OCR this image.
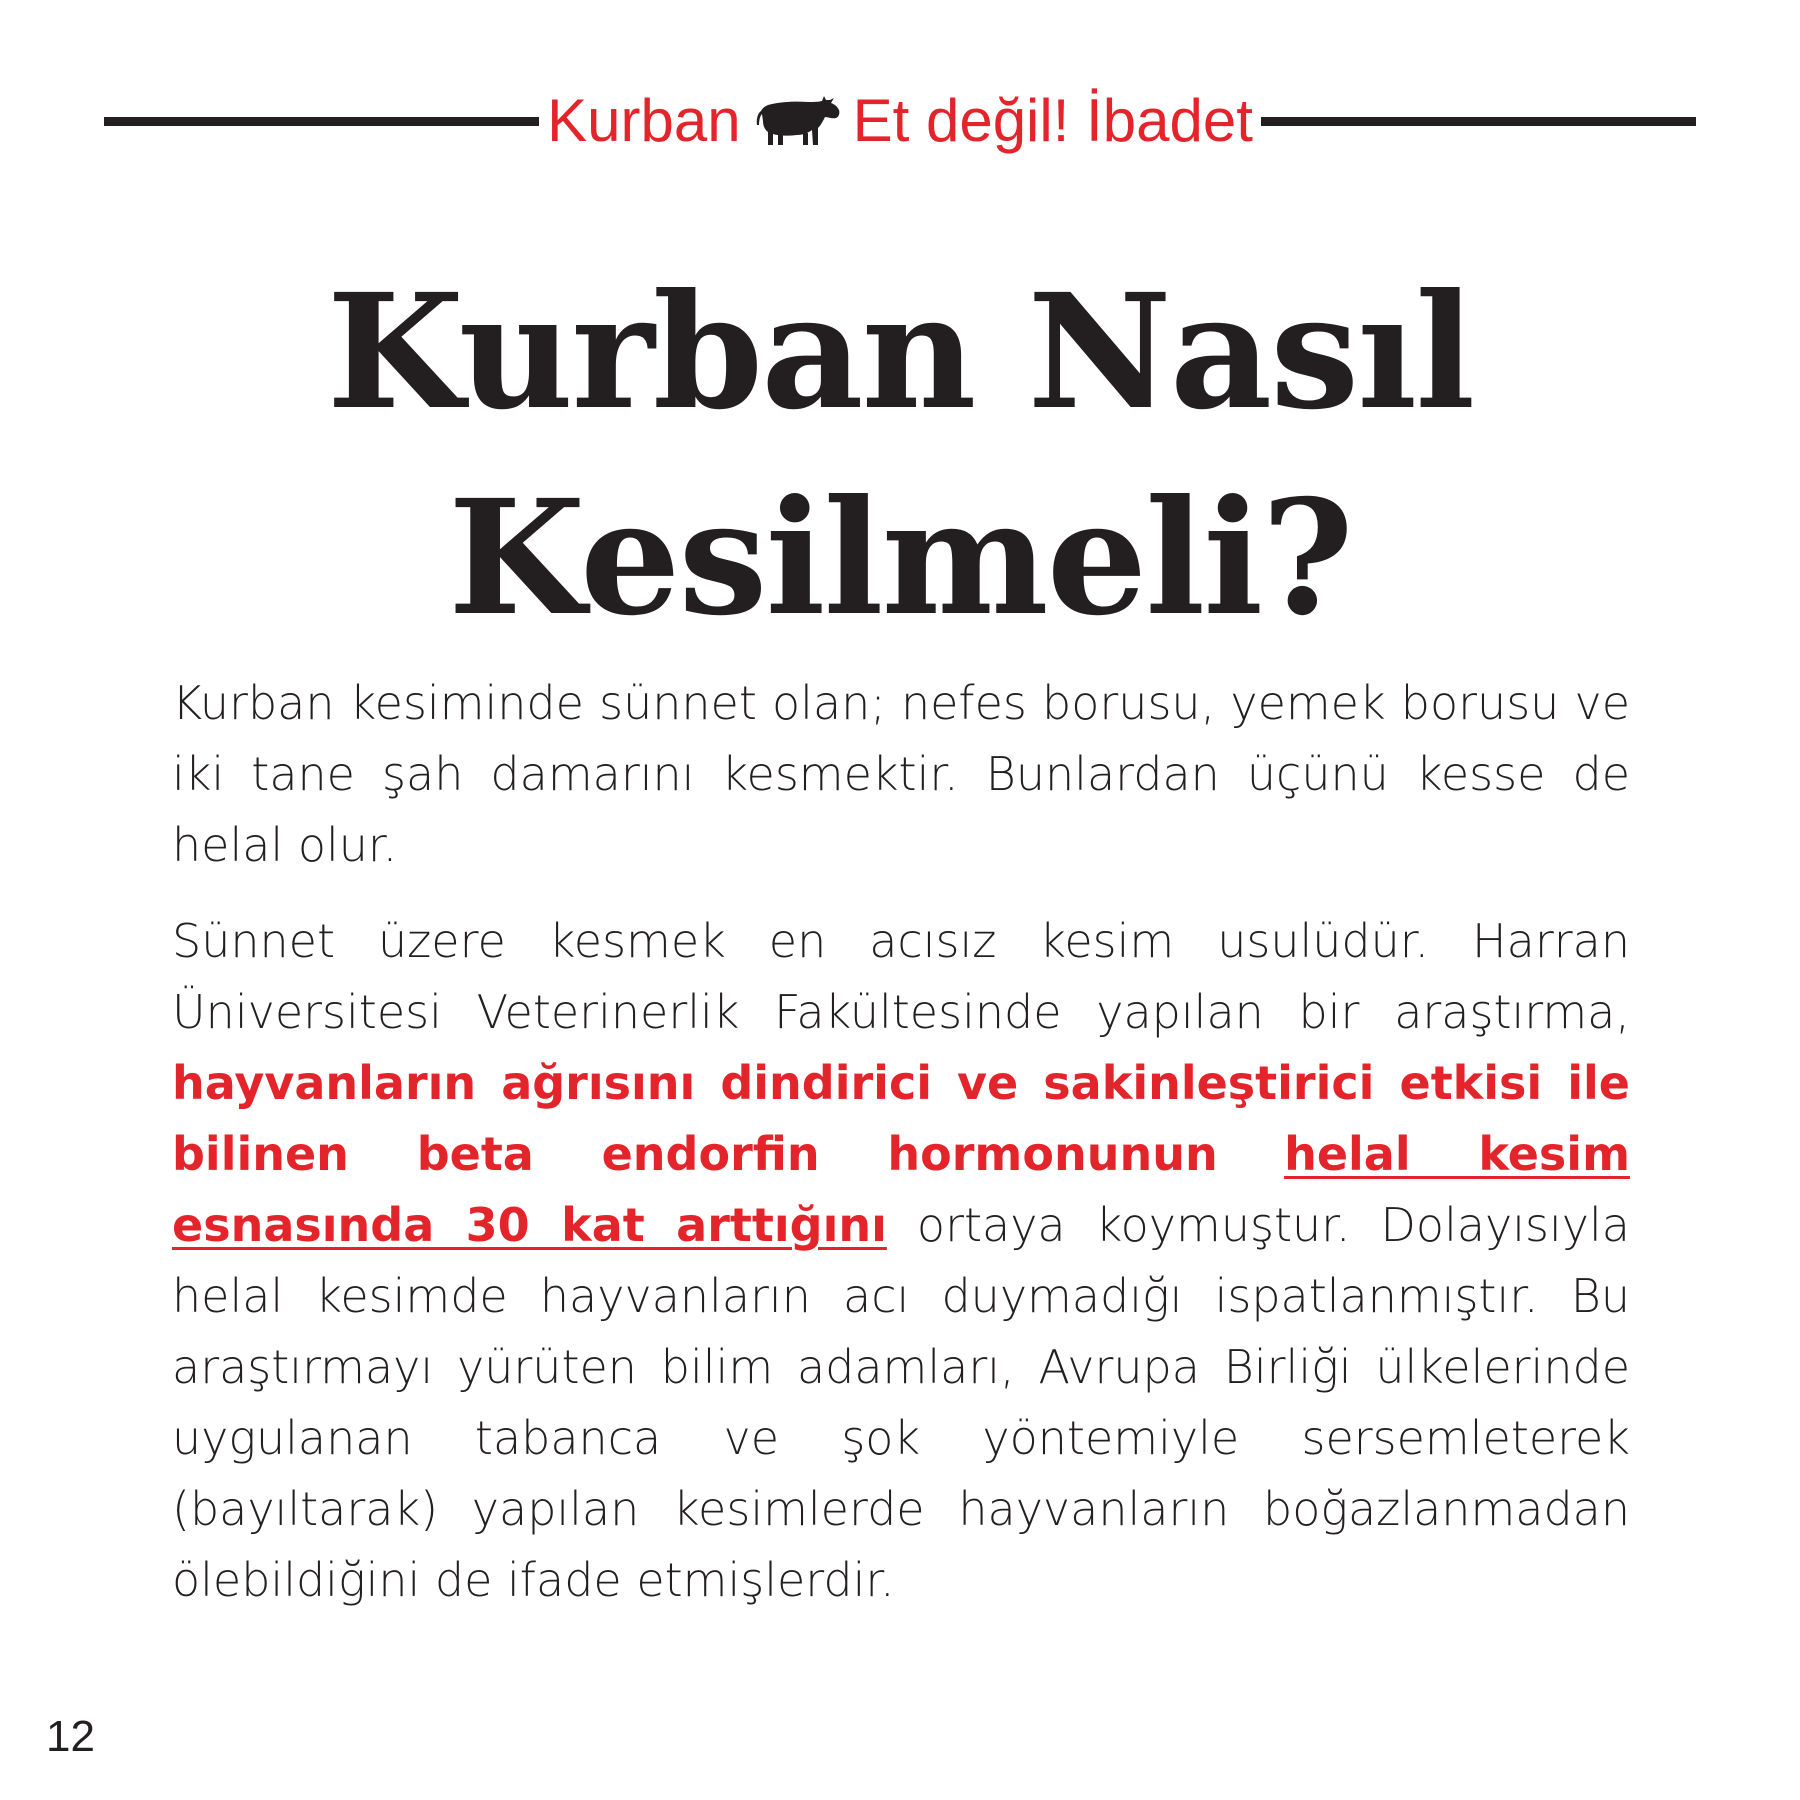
Kurban Et değil! İbadet
Kurban Nasıl
Kesilmeli?

Kurban kesiminde sünnet olan; nefes borusu, yemek borusu ve iki tane şah damarını kesmektir. Bunlardan üçünü kesse de helal olur.

Sünnet üzere kesmek en acısız kesim usulüdür. Harran Üniversitesi Veterinerlik Fakültesinde yapılan bir araştırma, hayvanların ağrısını dindirici ve sakinleştirici etkisi ile bilinen beta endorfin hormonunun helal kesim esnasında 30 kat arttığını ortaya koymuştur. Dolayısıyla helal kesimde hayvanların acı duymadığı ispatlanmıştır. Bu araştırmayı yürüten bilim adamları, Avrupa Birliği ülkelerinde uygulanan tabanca ve şok yöntemiyle sersemleterek (bayıltarak) yapılan kesimlerde hayvanların boğazlanmadan ölebildiğini de ifade etmişlerdir.

12
